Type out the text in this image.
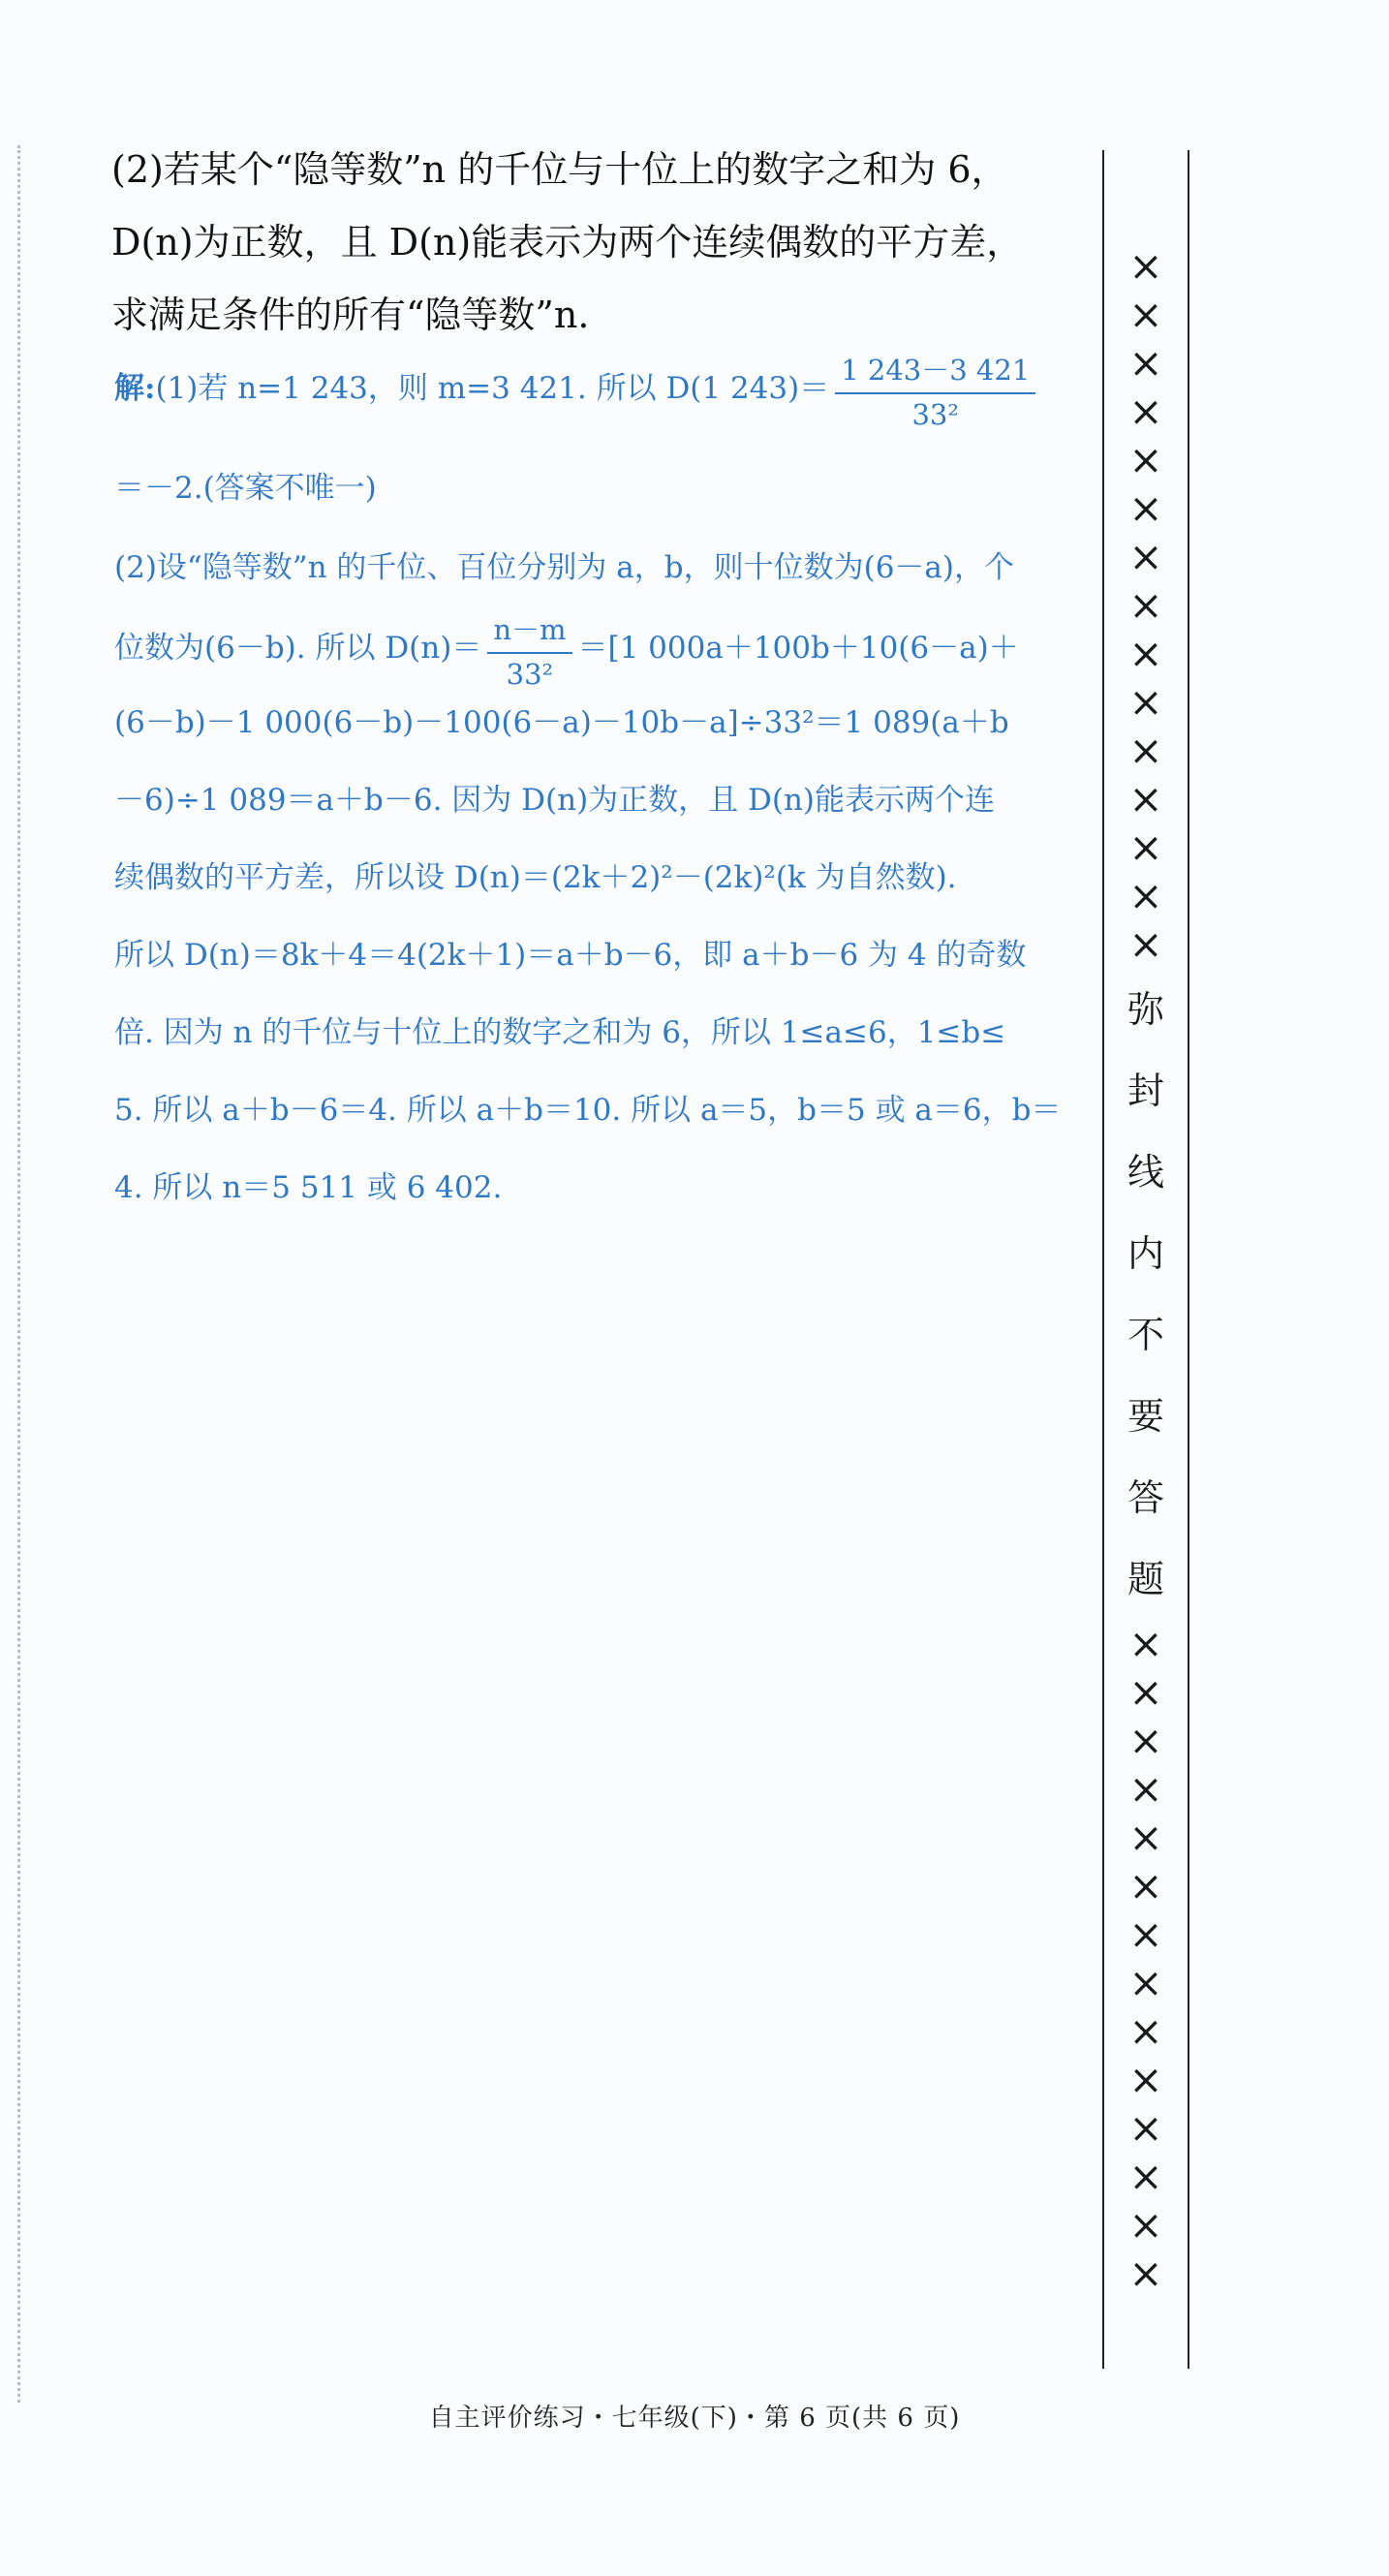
(2)若某个“隐等数”n 的千位与十位上的数字之和为 6，
D(n)为正数，且 D(n)能表示为两个连续偶数的平方差，
求满足条件的所有“隐等数”n.
解:(1)若 n=1 243，则 m=3 421. 所以 D(1 $243)= \frac{1 243-3 421}{\text{33²}}$
＝－2.(答案不唯一)
(2)设“隐等数”n 的千位、百位分别为 a，b，则十位数为(6－a)，个
位数为(6－b). 所以 $D(n)= \frac{n-m}{\text{33²}} =[1$ 000a＋100b＋10(6－a)＋
(6－b)－1 000(6－b)－100(6－a)－10b－a]÷33²＝1 089(a＋b
－6)÷1 089＝a＋b－6. 因为 D(n)为正数，且 D(n)能表示两个连
续偶数的平方差，所以设 D(n)＝(2k＋2)²－(2k)²(k 为自然数).
所以 D(n)＝8k＋4＝4(2k＋1)＝a＋b－6，即 a＋b－6 为 4 的奇数
倍. 因为 n 的千位与十位上的数字之和为 6，所以 1≤a≤6，1≤b≤
5. 所以 a＋b－6＝4. 所以 a＋b＝10. 所以 a＝5，b＝5 或 a＝6，b＝
4. 所以 n＝5 511 或 6 402.
×
×
×
×
×
×
×
×
×
×
×
×
×
×
×
弥
封
线
内
不
要
答
题
×
×
×
×
×
×
×
×
×
×
×
×
×
×
自主评价练习・七年级(下)・第 6 页(共 6 页)
